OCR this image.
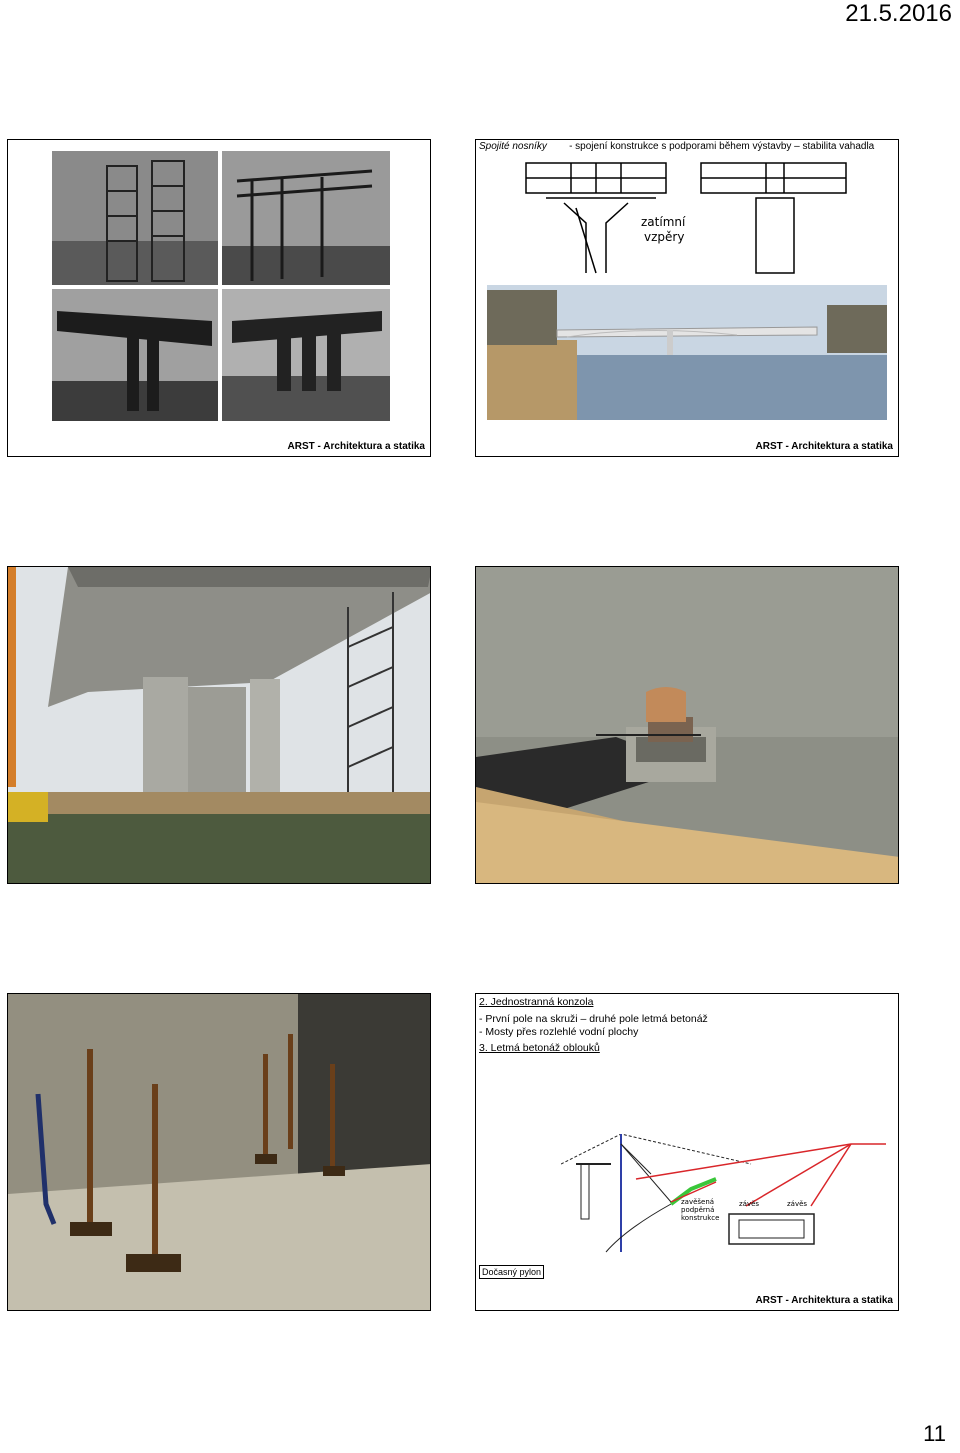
21.5.2016
ARST - Architektura a statika
Spojité nosníky - spojení konstrukce s podporami během výstavby – stabilita vahadla
zatímní
vzpěry
ARST - Architektura a statika
2. Jednostranná konzola
- První pole na skruži – druhé pole letmá betonáž
- Mosty přes rozlehlé vodní plochy
3. Letmá betonáž oblouků
zavěšená
podpěrná
konstrukce
závěs	závěs
Dočasný pylon
ARST - Architektura a statika
11
